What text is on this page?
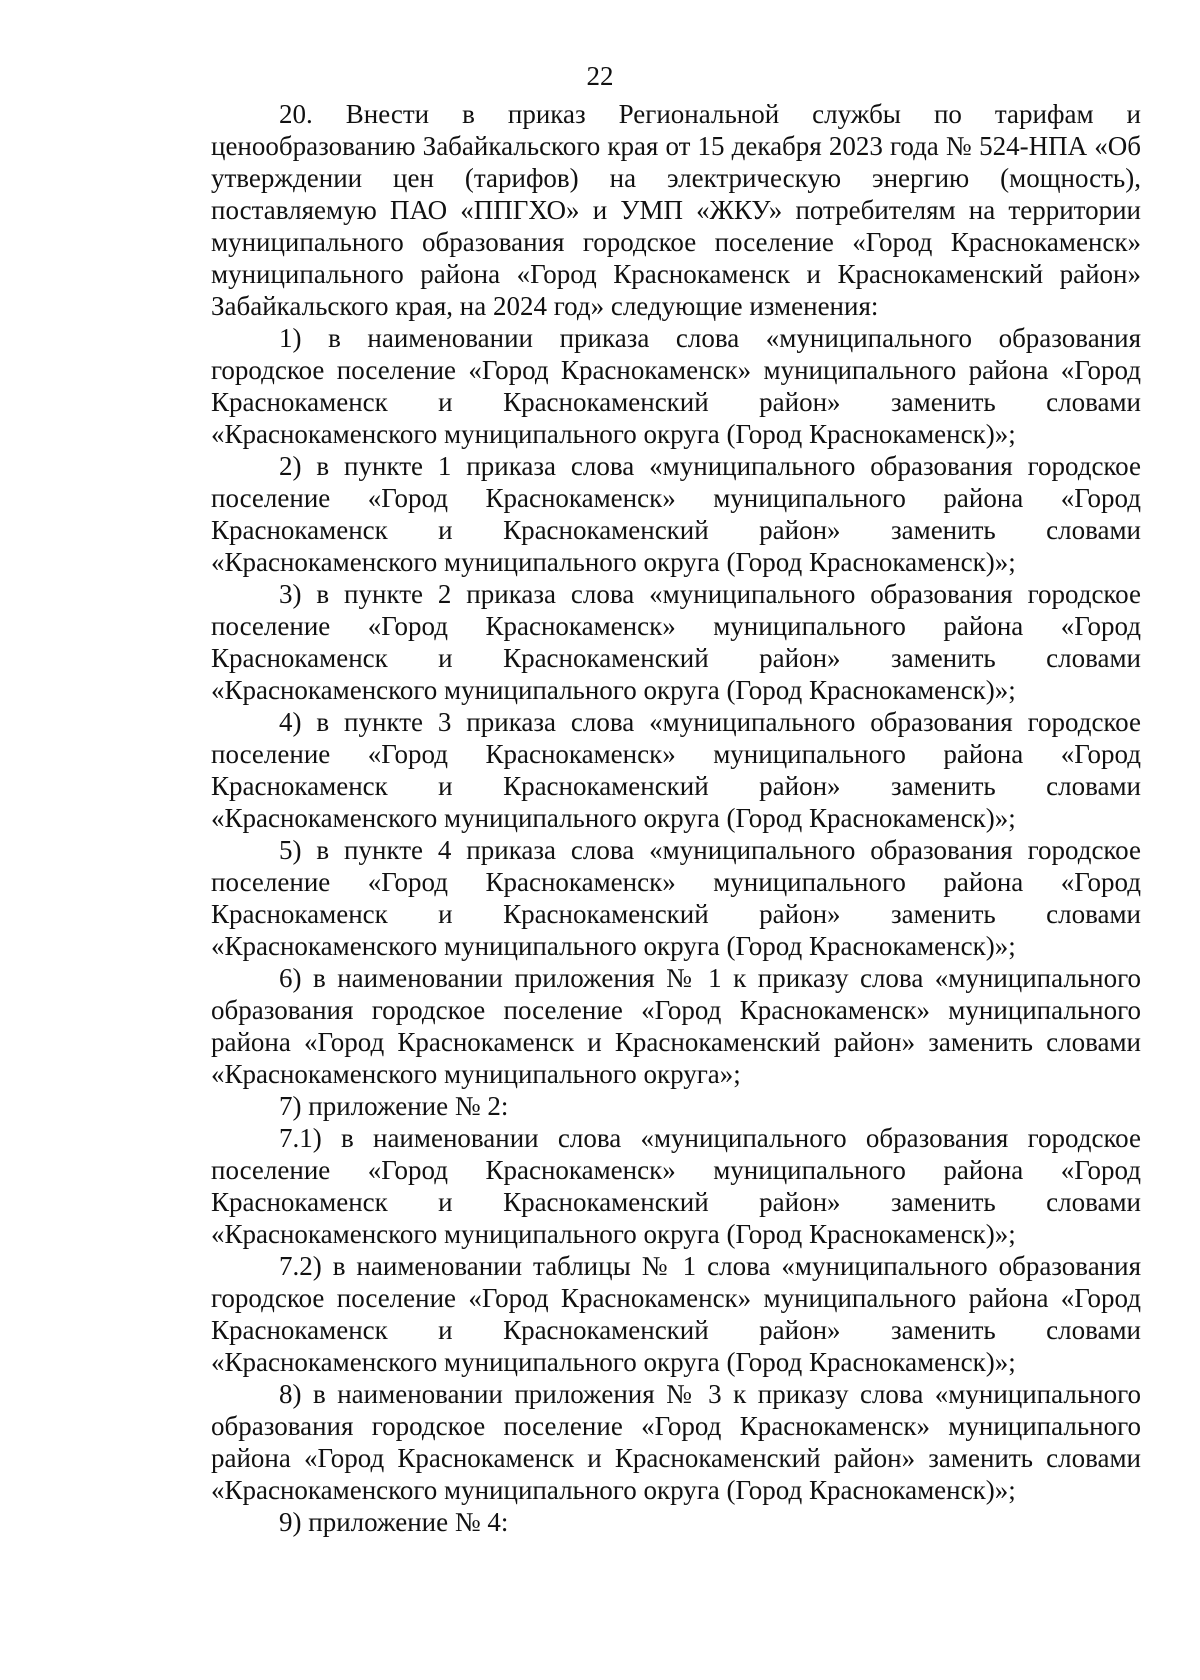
22

20. Внести в приказ Региональной службы по тарифам и ценообразованию Забайкальского края от 15 декабря 2023 года № 524-НПА «Об утверждении цен (тарифов) на электрическую энергию (мощность), поставляемую ПАО «ППГХО» и УМП «ЖКУ» потребителям на территории муниципального образования городское поселение «Город Краснокаменск» муниципального района «Город Краснокаменск и Краснокаменский район» Забайкальского края, на 2024 год» следующие изменения:

1) в наименовании приказа слова «муниципального образования городское поселение «Город Краснокаменск» муниципального района «Город Краснокаменск и Краснокаменский район» заменить словами «Краснокаменского муниципального округа (Город Краснокаменск)»;

2) в пункте 1 приказа слова «муниципального образования городское поселение «Город Краснокаменск» муниципального района «Город Краснокаменск и Краснокаменский район» заменить словами «Краснокаменского муниципального округа (Город Краснокаменск)»;

3) в пункте 2 приказа слова «муниципального образования городское поселение «Город Краснокаменск» муниципального района «Город Краснокаменск и Краснокаменский район» заменить словами «Краснокаменского муниципального округа (Город Краснокаменск)»;

4) в пункте 3 приказа слова «муниципального образования городское поселение «Город Краснокаменск» муниципального района «Город Краснокаменск и Краснокаменский район» заменить словами «Краснокаменского муниципального округа (Город Краснокаменск)»;

5) в пункте 4 приказа слова «муниципального образования городское поселение «Город Краснокаменск» муниципального района «Город Краснокаменск и Краснокаменский район» заменить словами «Краснокаменского муниципального округа (Город Краснокаменск)»;

6) в наименовании приложения № 1 к приказу слова «муниципального образования городское поселение «Город Краснокаменск» муниципального района «Город Краснокаменск и Краснокаменский район» заменить словами «Краснокаменского муниципального округа»;

7) приложение № 2:

7.1) в наименовании слова «муниципального образования городское поселение «Город Краснокаменск» муниципального района «Город Краснокаменск и Краснокаменский район» заменить словами «Краснокаменского муниципального округа (Город Краснокаменск)»;

7.2) в наименовании таблицы № 1 слова «муниципального образования городское поселение «Город Краснокаменск» муниципального района «Город Краснокаменск и Краснокаменский район» заменить словами «Краснокаменского муниципального округа (Город Краснокаменск)»;

8) в наименовании приложения № 3 к приказу слова «муниципального образования городское поселение «Город Краснокаменск» муниципального района «Город Краснокаменск и Краснокаменский район» заменить словами «Краснокаменского муниципального округа (Город Краснокаменск)»;

9) приложение № 4:
